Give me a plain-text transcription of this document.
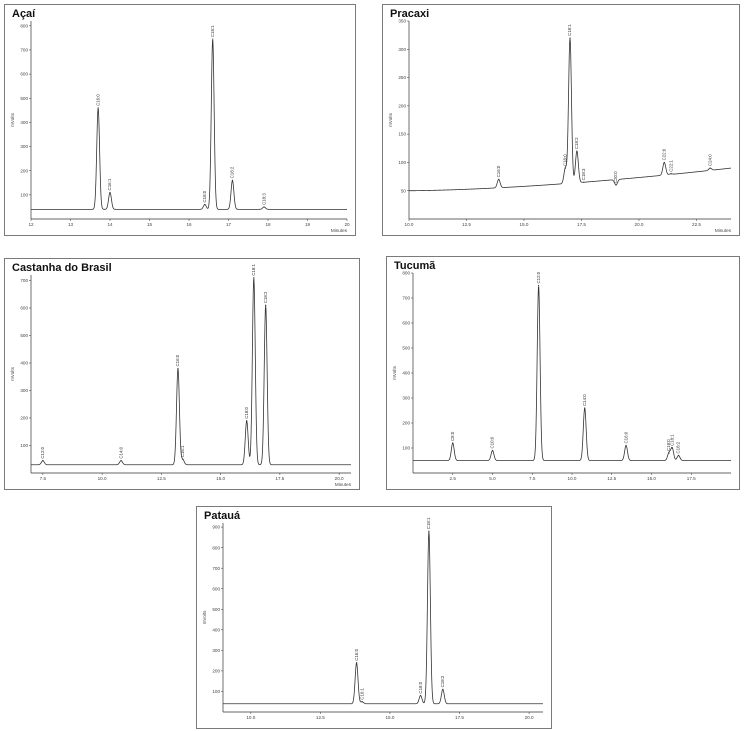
Açaí
100
200
300
400
500
600
700
800
12	13	14	15	16	17	18	19	20
mVolts
Minutes
C16:0
C16:1
C18:0
C18:1
C18:2
C18:3
Pracaxi
50
100
150
200
250
300
350
10.0	12.5	15.0	17.5	20.0	22.5
mVolts
Minutes
C16:0
C18:0
C18:1
C18:2
C18:3	C20:0
C22:0
C22:1	C24:0
Castanha do Brasil
100
200
300
400
500
600
700
7.5	10.0	12.5	15.0	17.5	20.0
mVolts
Minutes
C12:0	C14:0
C16:0
C16:1
C18:0
C18:1
C18:2
Tucumã
100
200
300
400
500
600
700
800
2.5	5.0	7.5	10.0	12.5	15.0	17.5
mVolts
C8:0
C10:0
C12:0
C14:0
C16:0
C18:0
C18:1
C18:2
Patauá
100
200
300
400
500
600
700
800
900
10.0	12.5	15.0	17.5	20.0
mVolts
C16:0
C16:1
C18:0
C18:1
C18:2
